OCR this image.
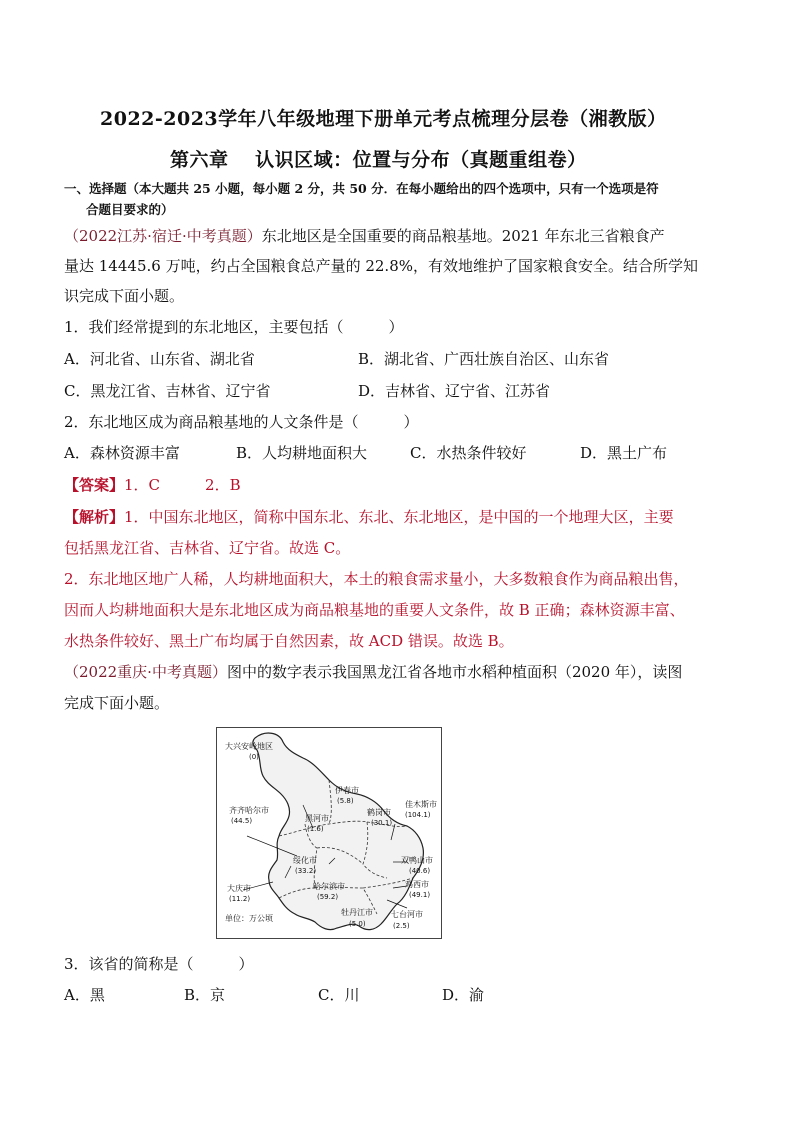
2022-2023学年八年级地理下册单元考点梳理分层卷（湘教版）
第六章　 认识区域：位置与分布（真题重组卷）
一、选择题（本大题共 25 小题，每小题 2 分，共 50 分．在每小题给出的四个选项中，只有一个选项是符
合题目要求的）
（2022江苏·宿迁·中考真题）东北地区是全国重要的商品粮基地。2021 年东北三省粮食产
量达 14445.6 万吨，约占全国粮食总产量的 22.8%，有效地维护了国家粮食安全。结合所学知
识完成下面小题。
1．我们经常提到的东北地区，主要包括（　　　）
A．河北省、山东省、湖北省	B．湖北省、广西壮族自治区、山东省
C．黑龙江省、吉林省、辽宁省	D．吉林省、辽宁省、江苏省
2．东北地区成为商品粮基地的人文条件是（　　　）
A．森林资源丰富	B．人均耕地面积大	C．水热条件较好	D．黑土广布
【答案】1．C　　　2．B
【解析】1．中国东北地区，简称中国东北、东北、东北地区，是中国的一个地理大区，主要
包括黑龙江省、吉林省、辽宁省。故选 C。
2．东北地区地广人稀，人均耕地面积大，本土的粮食需求量小，大多数粮食作为商品粮出售，
因而人均耕地面积大是东北地区成为商品粮基地的重要人文条件，故 B 正确；森林资源丰富、
水热条件较好、黑土广布均属于自然因素，故 ACD 错误。故选 B。
（2022重庆·中考真题）图中的数字表示我国黑龙江省各地市水稻种植面积（2020 年），读图
完成下面小题。
大兴安岭地区
(0)
伊春市
(5.8)
齐齐哈尔市
(44.5)	黑河市
(1.6)
鹤岗市
(30.1)
佳木斯市
(104.1)
绥化市
(33.2)
双鸭山市
(40.6)
大庆市
(11.2)
哈尔滨市
(59.2)
鸡西市
(49.1)
牡丹江市
(5.0)
七台河市
(2.5)
单位：万公顷
3．该省的简称是（　　　）
A．黑	B．京	C．川	D．渝
